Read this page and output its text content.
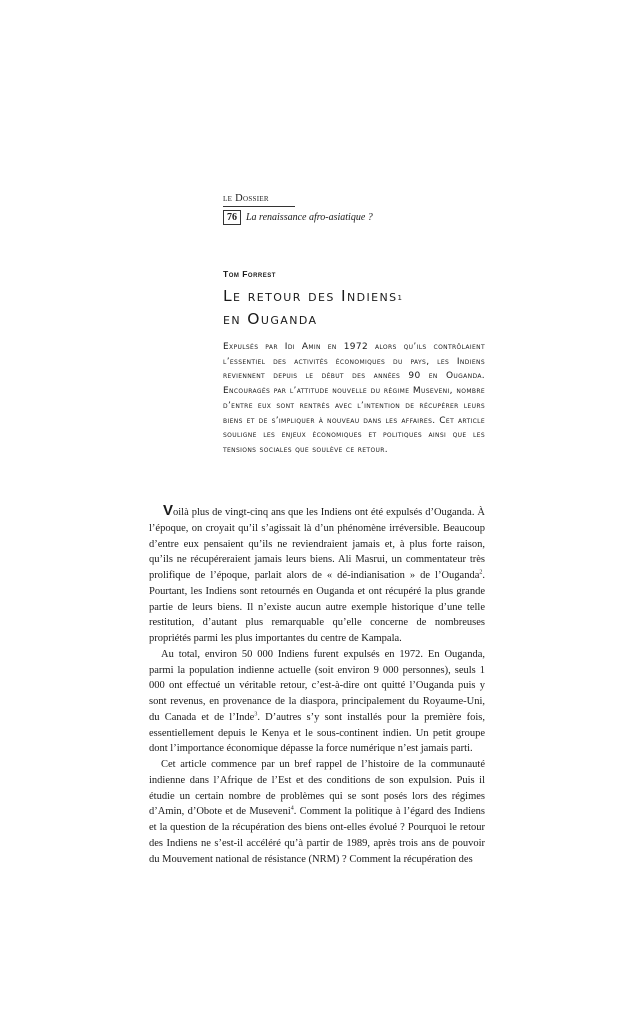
le Dossier
76 La renaissance afro-asiatique ?
Tom Forrest
Le retour des Indiens$^1$
en Ouganda

Expulsés par Idi Amin en 1972 alors qu’ils contrôlaient l’essentiel des activités économiques du pays, les Indiens reviennent depuis le début des années 90 en Ouganda. Encouragés par l’attitude nouvelle du régime Museveni, nombre d’entre eux sont rentrés avec l’intention de récupérer leurs biens et de s’impliquer à nouveau dans les affaires. Cet article souligne les enjeux économiques et politiques ainsi que les tensions sociales que soulève ce retour.

Voilà plus de vingt-cinq ans que les Indiens ont été expulsés d’Ouganda. À l’époque, on croyait qu’il s’agissait là d’un phénomène irréversible. Beaucoup d’entre eux pensaient qu’ils ne reviendraient jamais et, à plus forte raison, qu’ils ne récupéreraient jamais leurs biens. Ali Masrui, un commentateur très prolifique de l’époque, parlait alors de « dé-indianisation » de l’Ouganda$^2$. Pourtant, les Indiens sont retournés en Ouganda et ont récupéré la plus grande partie de leurs biens. Il n’existe aucun autre exemple historique d’une telle restitution, d’autant plus remarquable qu’elle concerne de nombreuses propriétés parmi les plus importantes du centre de Kampala.

Au total, environ 50 000 Indiens furent expulsés en 1972. En Ouganda, parmi la population indienne actuelle (soit environ 9 000 personnes), seuls 1 000 ont effectué un véritable retour, c’est-à-dire ont quitté l’Ouganda puis y sont revenus, en provenance de la diaspora, principalement du Royaume-Uni, du Canada et de l’Inde$^3$. D’autres s’y sont installés pour la première fois, essentiellement depuis le Kenya et le sous-continent indien. Un petit groupe dont l’importance économique dépasse la force numérique n’est jamais parti.

Cet article commence par un bref rappel de l’histoire de la communauté indienne dans l’Afrique de l’Est et des conditions de son expulsion. Puis il étudie un certain nombre de problèmes qui se sont posés lors des régimes d’Amin, d’Obote et de Museveni$^4$. Comment la politique à l’égard des Indiens et la question de la récupération des biens ont-elles évolué ? Pourquoi le retour des Indiens ne s’est-il accéléré qu’à partir de 1989, après trois ans de pouvoir du Mouvement national de résistance (NRM) ? Comment la récupération des
